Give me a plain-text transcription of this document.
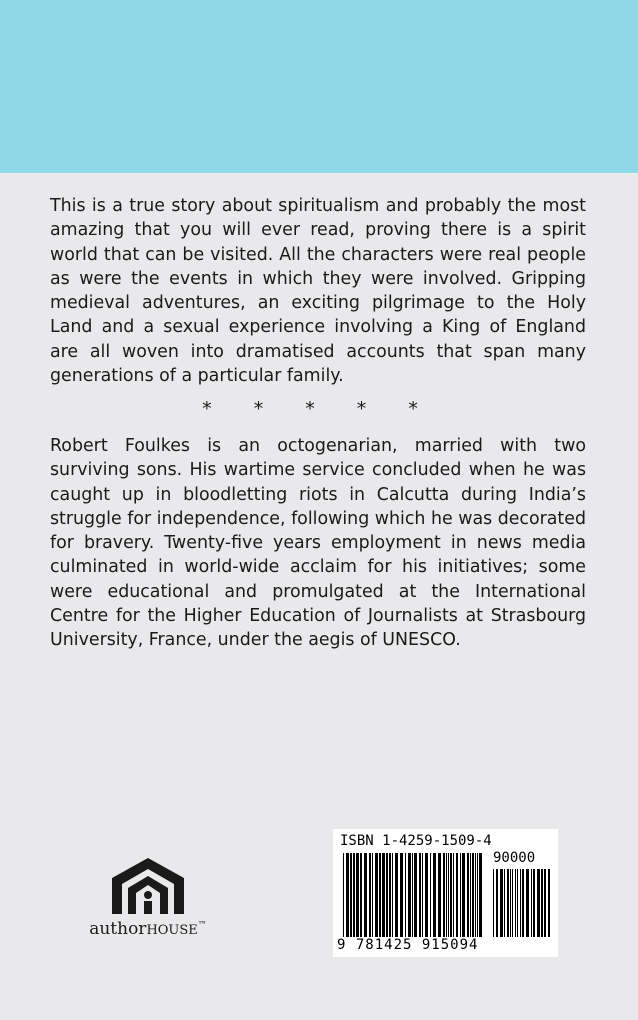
This is a true story about spiritualism and probably the most amazing that you will ever read, proving there is a spirit world that can be visited. All the characters were real people as were the events in which they were involved. Gripping medieval adventures, an exciting pilgrimage to the Holy Land and a sexual experience involving a King of England are all woven into dramatised accounts that span many generations of a particular family.

* * * * *

Robert Foulkes is an octogenarian, married with two surviving sons. His wartime service concluded when he was caught up in bloodletting riots in Calcutta during India’s struggle for independence, following which he was decorated for bravery. Twenty-five years employment in news media culminated in world-wide acclaim for his initiatives; some were educational and promulgated at the International Centre for the Higher Education of Journalists at Strasbourg University, France, under the aegis of UNESCO.

authorHOUSE™
ISBN 1-4259-1509-4
90000
9 781425 915094
